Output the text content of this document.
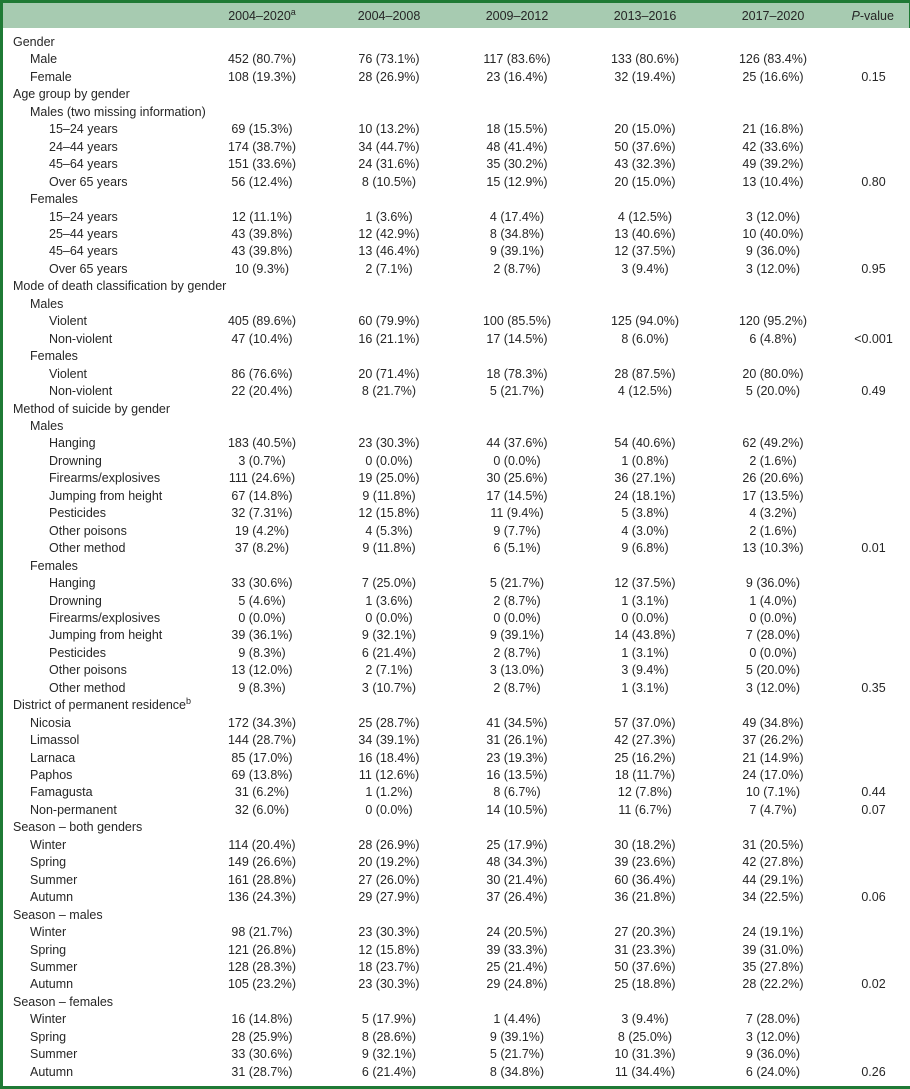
	2004–2020$^a$	2004–2008	2009–2012	2013–2016	2017–2020	P-value
Gender						
Male	452 (80.7%)	76 (73.1%)	117 (83.6%)	133 (80.6%)	126 (83.4%)	
Female	108 (19.3%)	28 (26.9%)	23 (16.4%)	32 (19.4%)	25 (16.6%)	0.15
Age group by gender						
Males (two missing information)						
15–24 years	69 (15.3%)	10 (13.2%)	18 (15.5%)	20 (15.0%)	21 (16.8%)	
24–44 years	174 (38.7%)	34 (44.7%)	48 (41.4%)	50 (37.6%)	42 (33.6%)	
45–64 years	151 (33.6%)	24 (31.6%)	35 (30.2%)	43 (32.3%)	49 (39.2%)	
Over 65 years	56 (12.4%)	8 (10.5%)	15 (12.9%)	20 (15.0%)	13 (10.4%)	0.80
Females						
15–24 years	12 (11.1%)	1 (3.6%)	4 (17.4%)	4 (12.5%)	3 (12.0%)	
25–44 years	43 (39.8%)	12 (42.9%)	8 (34.8%)	13 (40.6%)	10 (40.0%)	
45–64 years	43 (39.8%)	13 (46.4%)	9 (39.1%)	12 (37.5%)	9 (36.0%)	
Over 65 years	10 (9.3%)	2 (7.1%)	2 (8.7%)	3 (9.4%)	3 (12.0%)	0.95
Mode of death classification by gender						
Males						
Violent	405 (89.6%)	60 (79.9%)	100 (85.5%)	125 (94.0%)	120 (95.2%)	
Non-violent	47 (10.4%)	16 (21.1%)	17 (14.5%)	8 (6.0%)	6 (4.8%)	<0.001
Females						
Violent	86 (76.6%)	20 (71.4%)	18 (78.3%)	28 (87.5%)	20 (80.0%)	
Non-violent	22 (20.4%)	8 (21.7%)	5 (21.7%)	4 (12.5%)	5 (20.0%)	0.49
Method of suicide by gender						
Males						
Hanging	183 (40.5%)	23 (30.3%)	44 (37.6%)	54 (40.6%)	62 (49.2%)	
Drowning	3 (0.7%)	0 (0.0%)	0 (0.0%)	1 (0.8%)	2 (1.6%)	
Firearms/explosives	111 (24.6%)	19 (25.0%)	30 (25.6%)	36 (27.1%)	26 (20.6%)	
Jumping from height	67 (14.8%)	9 (11.8%)	17 (14.5%)	24 (18.1%)	17 (13.5%)	
Pesticides	32 (7.31%)	12 (15.8%)	11 (9.4%)	5 (3.8%)	4 (3.2%)	
Other poisons	19 (4.2%)	4 (5.3%)	9 (7.7%)	4 (3.0%)	2 (1.6%)	
Other method	37 (8.2%)	9 (11.8%)	6 (5.1%)	9 (6.8%)	13 (10.3%)	0.01
Females						
Hanging	33 (30.6%)	7 (25.0%)	5 (21.7%)	12 (37.5%)	9 (36.0%)	
Drowning	5 (4.6%)	1 (3.6%)	2 (8.7%)	1 (3.1%)	1 (4.0%)	
Firearms/explosives	0 (0.0%)	0 (0.0%)	0 (0.0%)	0 (0.0%)	0 (0.0%)	
Jumping from height	39 (36.1%)	9 (32.1%)	9 (39.1%)	14 (43.8%)	7 (28.0%)	
Pesticides	9 (8.3%)	6 (21.4%)	2 (8.7%)	1 (3.1%)	0 (0.0%)	
Other poisons	13 (12.0%)	2 (7.1%)	3 (13.0%)	3 (9.4%)	5 (20.0%)	
Other method	9 (8.3%)	3 (10.7%)	2 (8.7%)	1 (3.1%)	3 (12.0%)	0.35
District of permanent residence$^b$						
Nicosia	172 (34.3%)	25 (28.7%)	41 (34.5%)	57 (37.0%)	49 (34.8%)	
Limassol	144 (28.7%)	34 (39.1%)	31 (26.1%)	42 (27.3%)	37 (26.2%)	
Larnaca	85 (17.0%)	16 (18.4%)	23 (19.3%)	25 (16.2%)	21 (14.9%)	
Paphos	69 (13.8%)	11 (12.6%)	16 (13.5%)	18 (11.7%)	24 (17.0%)	
Famagusta	31 (6.2%)	1 (1.2%)	8 (6.7%)	12 (7.8%)	10 (7.1%)	0.44
Non-permanent	32 (6.0%)	0 (0.0%)	14 (10.5%)	11 (6.7%)	7 (4.7%)	0.07
Season – both genders						
Winter	114 (20.4%)	28 (26.9%)	25 (17.9%)	30 (18.2%)	31 (20.5%)	
Spring	149 (26.6%)	20 (19.2%)	48 (34.3%)	39 (23.6%)	42 (27.8%)	
Summer	161 (28.8%)	27 (26.0%)	30 (21.4%)	60 (36.4%)	44 (29.1%)	
Autumn	136 (24.3%)	29 (27.9%)	37 (26.4%)	36 (21.8%)	34 (22.5%)	0.06
Season – males						
Winter	98 (21.7%)	23 (30.3%)	24 (20.5%)	27 (20.3%)	24 (19.1%)	
Spring	121 (26.8%)	12 (15.8%)	39 (33.3%)	31 (23.3%)	39 (31.0%)	
Summer	128 (28.3%)	18 (23.7%)	25 (21.4%)	50 (37.6%)	35 (27.8%)	
Autumn	105 (23.2%)	23 (30.3%)	29 (24.8%)	25 (18.8%)	28 (22.2%)	0.02
Season – females						
Winter	16 (14.8%)	5 (17.9%)	1 (4.4%)	3 (9.4%)	7 (28.0%)	
Spring	28 (25.9%)	8 (28.6%)	9 (39.1%)	8 (25.0%)	3 (12.0%)	
Summer	33 (30.6%)	9 (32.1%)	5 (21.7%)	10 (31.3%)	9 (36.0%)	
Autumn	31 (28.7%)	6 (21.4%)	8 (34.8%)	11 (34.4%)	6 (24.0%)	0.26
